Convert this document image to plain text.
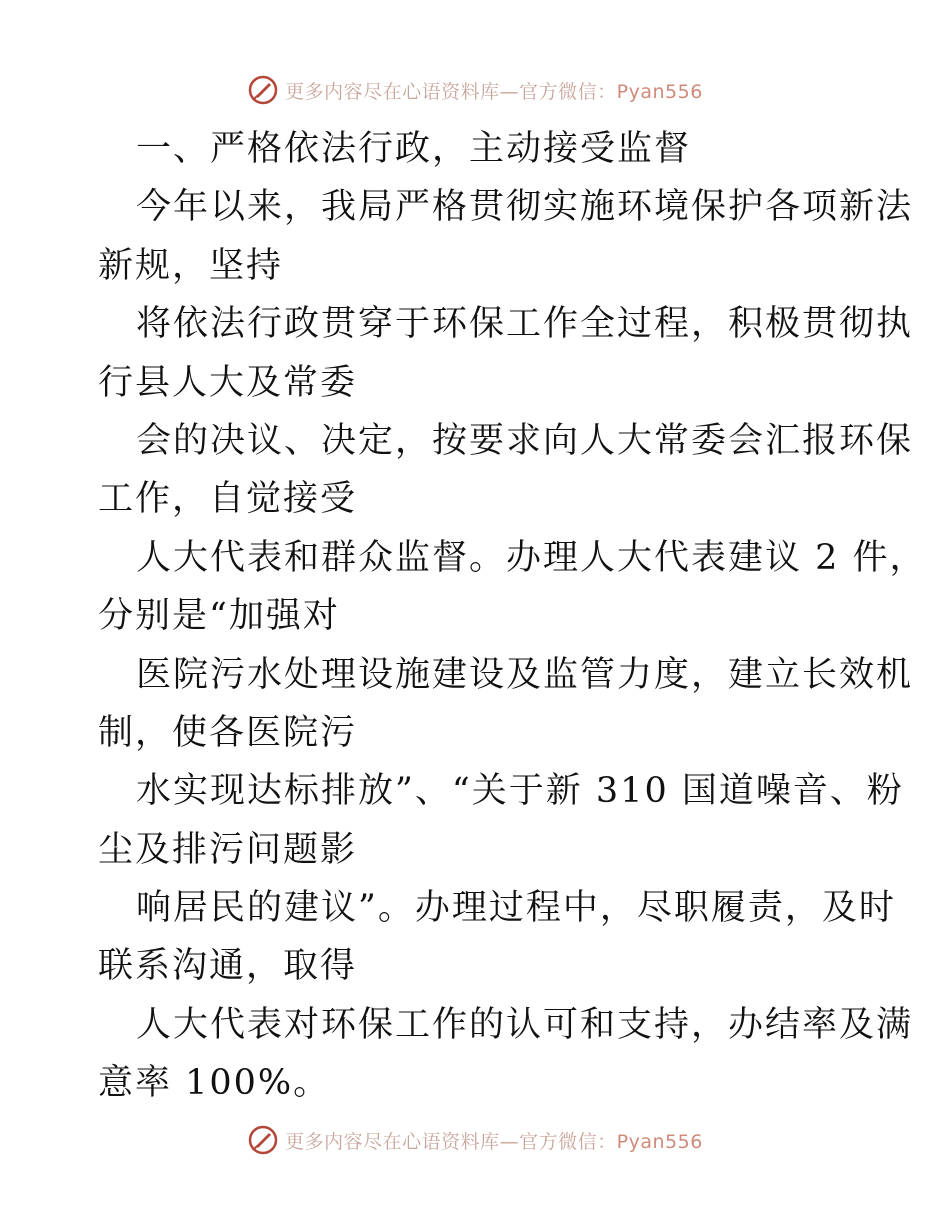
更多内容尽在心语资料库—官方微信：Pyan556
一、严格依法行政，主动接受监督
今年以来，我局严格贯彻实施环境保护各项新法
新规，坚持
将依法行政贯穿于环保工作全过程，积极贯彻执
行县人大及常委
会的决议、决定，按要求向人大常委会汇报环保
工作，自觉接受
人大代表和群众监督。办理人大代表建议 2 件，
分别是“加强对
医院污水处理设施建设及监管力度，建立长效机
制，使各医院污
水实现达标排放”、“关于新 310 国道噪音、粉
尘及排污问题影
响居民的建议”。办理过程中，尽职履责，及时
联系沟通，取得
人大代表对环保工作的认可和支持，办结率及满
意率 100%。
更多内容尽在心语资料库—官方微信：Pyan556
